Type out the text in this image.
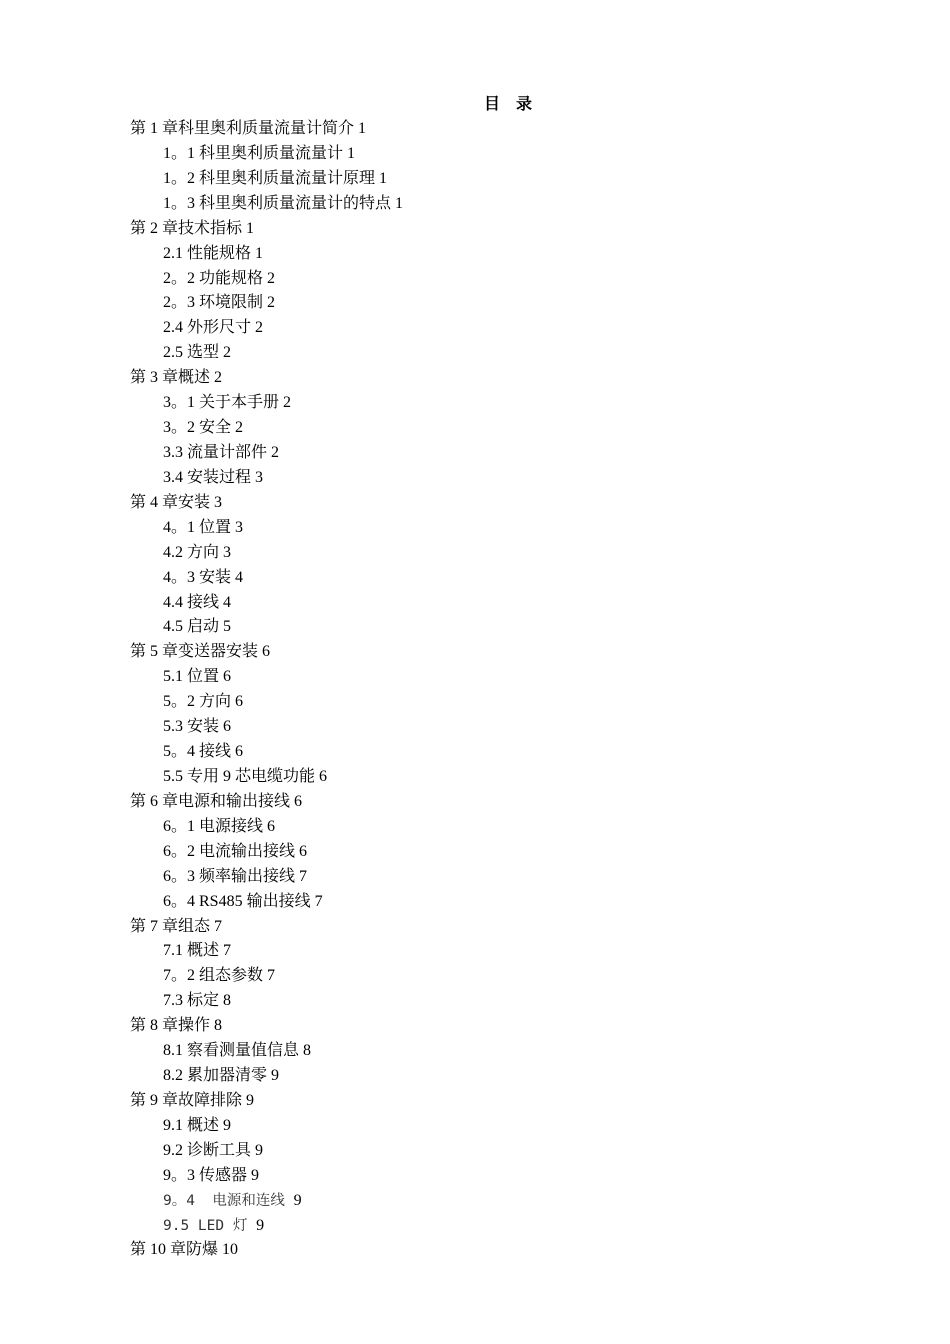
目 录
第 1 章科里奥利质量流量计简介 1
1。1 科里奥利质量流量计 1
1。2 科里奥利质量流量计原理 1
1。3 科里奥利质量流量计的特点 1
第 2 章技术指标 1
2.1 性能规格 1
2。2 功能规格 2
2。3 环境限制 2
2.4 外形尺寸 2
2.5 选型 2
第 3 章概述 2
3。1 关于本手册 2
3。2 安全 2
3.3 流量计部件 2
3.4 安装过程 3
第 4 章安装 3
4。1 位置 3
4.2 方向 3
4。3 安装 4
4.4 接线 4
4.5 启动 5
第 5 章变送器安装 6
5.1 位置 6
5。2 方向 6
5.3 安装 6
5。4 接线 6
5.5 专用 9 芯电缆功能 6
第 6 章电源和输出接线 6
6。1 电源接线 6
6。2 电流输出接线 6
6。3 频率输出接线 7
6。4 RS485 输出接线 7
第 7 章组态 7
7.1 概述 7
7。2 组态参数 7
7.3 标定 8
第 8 章操作 8
8.1 察看测量值信息 8
8.2 累加器清零 9
第 9 章故障排除 9
9.1 概述 9
9.2 诊断工具 9
9。3 传感器 9
9。4  电源和连线 9
9.5 LED 灯 9
第 10 章防爆 10
